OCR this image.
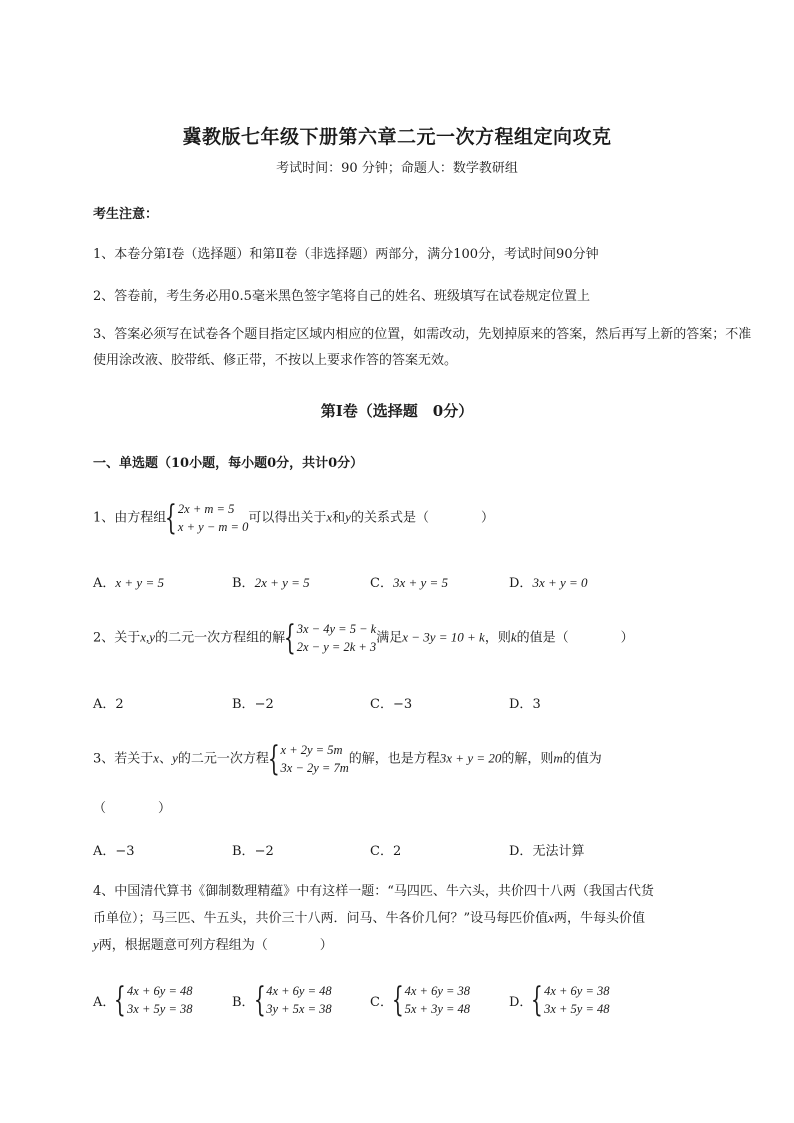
冀教版七年级下册第六章二元一次方程组定向攻克
考试时间：90 分钟；命题人：数学教研组
考生注意：
1、本卷分第Ⅰ卷（选择题）和第Ⅱ卷（非选择题）两部分，满分100分，考试时间90分钟
2、答卷前，考生务必用0.5毫米黑色签字笔将自己的姓名、班级填写在试卷规定位置上
3、答案必须写在试卷各个题目指定区域内相应的位置，如需改动，先划掉原来的答案，然后再写上新的答案；不准使用涂改液、胶带纸、修正带，不按以上要求作答的答案无效。
第Ⅰ卷（选择题　0分）
一、单选题（10小题，每小题0分，共计0分）
1、由方程组
{ 2x + m = 5
x + y − m = 0
可以得出关于x和y的关系式是（　　　　）
A．x + y = 5	B．2x + y = 5	C．3x + y = 5	D．3x + y = 0
2、关于x,y的二元一次方程组的解
{ 3x − 4y = 5 − k
2x − y = 2k + 3
满足x − 3y = 10 + k，则k的值是（　　　　）
A．2	B．−2	C．−3	D．3
3、若关于x、y的二元一次方程
{ x + 2y = 5m
3x − 2y = 7m
的解，也是方程3x + y = 20的解，则m的值为
（　　　　）
A．−3	B．−2	C．2	D．无法计算
4、中国清代算书《御制数理精蕴》中有这样一题：“马四匹、牛六头，共价四十八两（我国古代货
币单位）；马三匹、牛五头，共价三十八两．问马、牛各价几何？”设马每匹价值x两，牛每头价值
y两，根据题意可列方程组为（　　　　）
A．
{ 4x + 6y = 48
3x + 5y = 38	B．
{ 4x + 6y = 48
3y + 5x = 38	C．
{ 4x + 6y = 38
5x + 3y = 48	D．
{ 4x + 6y = 38
3x + 5y = 48
